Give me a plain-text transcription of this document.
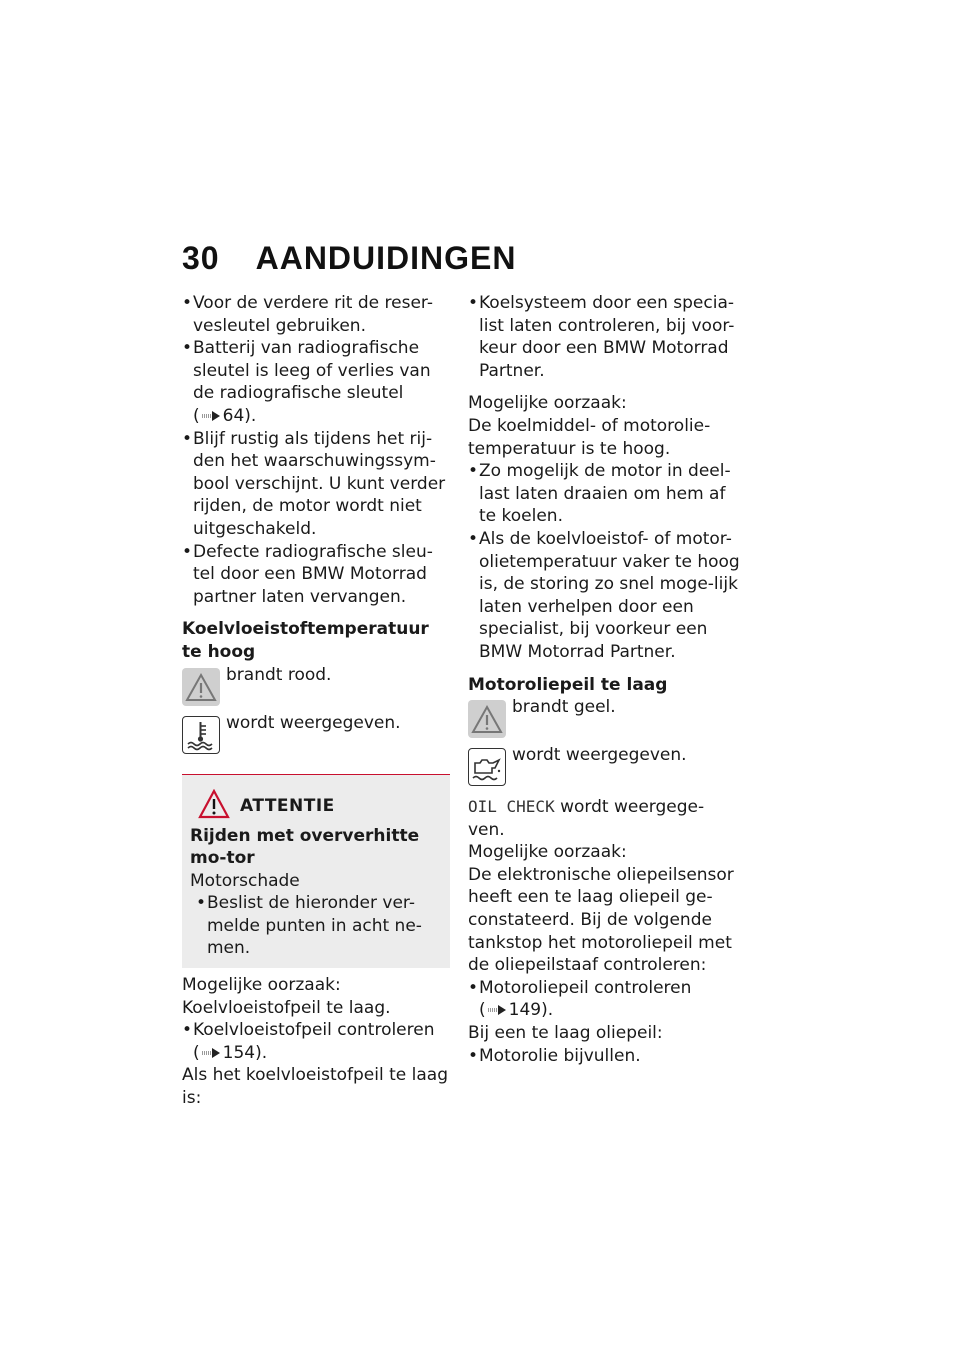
30 AANDUIDINGEN

• Voor de verdere rit de reser-vesleutel gebruiken.

• Batterij van radiografische sleutel is leeg of verlies van de radiografische sleutel
( 64).

• Blijf rustig als tijdens het rij-den het waarschuwingssym-bool verschijnt. U kunt verder rijden, de motor wordt niet uitgeschakeld.

• Defecte radiografische sleu-tel door een BMW Motorrad partner laten vervangen.

Koelvloeistoftemperatuur te hoog

brandt rood.
wordt weergegeven.
ATTENTIE

Rijden met oververhitte mo-tor

Motorschade

• Beslist de hieronder ver-melde punten in acht ne-men.

Mogelijke oorzaak:

Koelvloeistofpeil te laag.

• Koelvloeistofpeil controleren
( 154).

Als het koelvloeistofpeil te laag is:

• Koelsysteem door een specia-list laten controleren, bij voor-keur door een BMW Motorrad Partner.

Mogelijke oorzaak:

De koelmiddel- of motorolie-temperatuur is te hoog.

• Zo mogelijk de motor in deel-last laten draaien om hem af te koelen.

• Als de koelvloeistof- of motor-olietemperatuur vaker te hoog is, de storing zo snel moge-lijk laten verhelpen door een specialist, bij voorkeur een BMW Motorrad Partner.

Motoroliepeil te laag

brandt geel.
wordt weergegeven.

OIL CHECK wordt weergege-ven.

Mogelijke oorzaak:

De elektronische oliepeilsensor heeft een te laag oliepeil ge-constateerd. Bij de volgende tankstop het motoroliepeil met de oliepeilstaaf controleren:

• Motoroliepeil controleren
( 149).

Bij een te laag oliepeil:

• Motorolie bijvullen.
